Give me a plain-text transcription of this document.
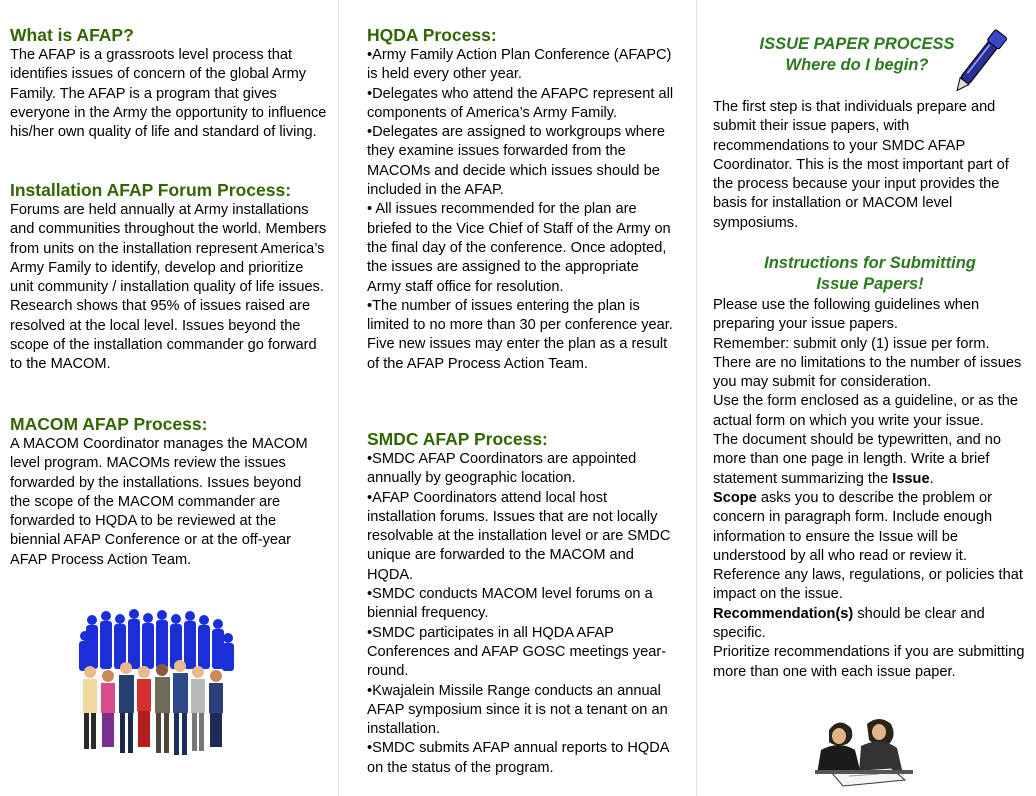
What is AFAP?

The AFAP is a grassroots level process that identifies issues of concern of the global Army Family. The AFAP is a program that gives everyone in the Army the opportunity to influence his/her own quality of life and standard of living.

Installation AFAP Forum Process:

Forums are held annually at Army installations and communities throughout the world. Members from units on the installation represent America’s Army Family to identify, develop and prioritize unit community / installation quality of life issues. Research shows that 95% of issues raised are resolved at the local level. Issues beyond the scope of the installation commander go forward to the MACOM.

MACOM AFAP Process:

A MACOM Coordinator manages the MACOM level program. MACOMs review the issues forwarded by the installations. Issues beyond the scope of the MACOM commander are forwarded to HQDA to be reviewed at the biennial AFAP Conference or at the off-year AFAP Process Action Team.

HQDA Process:

•Army Family Action Plan Conference (AFAPC) is held every other year.

•Delegates who attend the AFAPC represent all components of America’s Army Family.

•Delegates are assigned to workgroups where they examine issues forwarded from the MACOMs and decide which issues should be included in the AFAP.

• All issues recommended for the plan are briefed to the Vice Chief of Staff of the Army on the final day of the conference. Once adopted, the issues are assigned to the appropriate Army staff office for resolution.

•The number of issues entering the plan is limited to no more than 30 per conference year. Five new issues may enter the plan as a result of the AFAP Process Action Team.

SMDC AFAP Process:

•SMDC AFAP Coordinators are appointed annually by geographic location.

•AFAP Coordinators attend local host installation forums. Issues that are not locally resolvable at the installation level or are SMDC unique are forwarded to the MACOM and HQDA.

•SMDC conducts MACOM level forums on a biennial frequency.

•SMDC participates in all HQDA AFAP Conferences and AFAP GOSC meetings year-round.

•Kwajalein Missile Range conducts an annual AFAP symposium since it is not a tenant on an installation.

•SMDC submits AFAP annual reports to HQDA on the status of the program.

ISSUE PAPER PROCESS

Where do I begin?

The first step is that individuals prepare and submit their issue papers, with recommendations to your SMDC AFAP Coordinator. This is the most important part of the process because your input provides the basis for installation or MACOM level symposiums.

Instructions for Submitting

Issue Papers!

Please use the following guidelines when preparing your issue papers.

Remember: submit only (1) issue per form. There are no limitations to the number of issues you may submit for consideration.

Use the form enclosed as a guideline, or as the actual form on which you write your issue.

The document should be typewritten, and no more than one page in length. Write a brief statement summarizing the Issue.

Scope asks you to describe the problem or concern in paragraph form. Include enough information to ensure the Issue will be understood by all who read or review it. Reference any laws, regulations, or policies that impact on the issue.

Recommendation(s) should be clear and specific.

Prioritize recommendations if you are submitting more than one with each issue paper.
